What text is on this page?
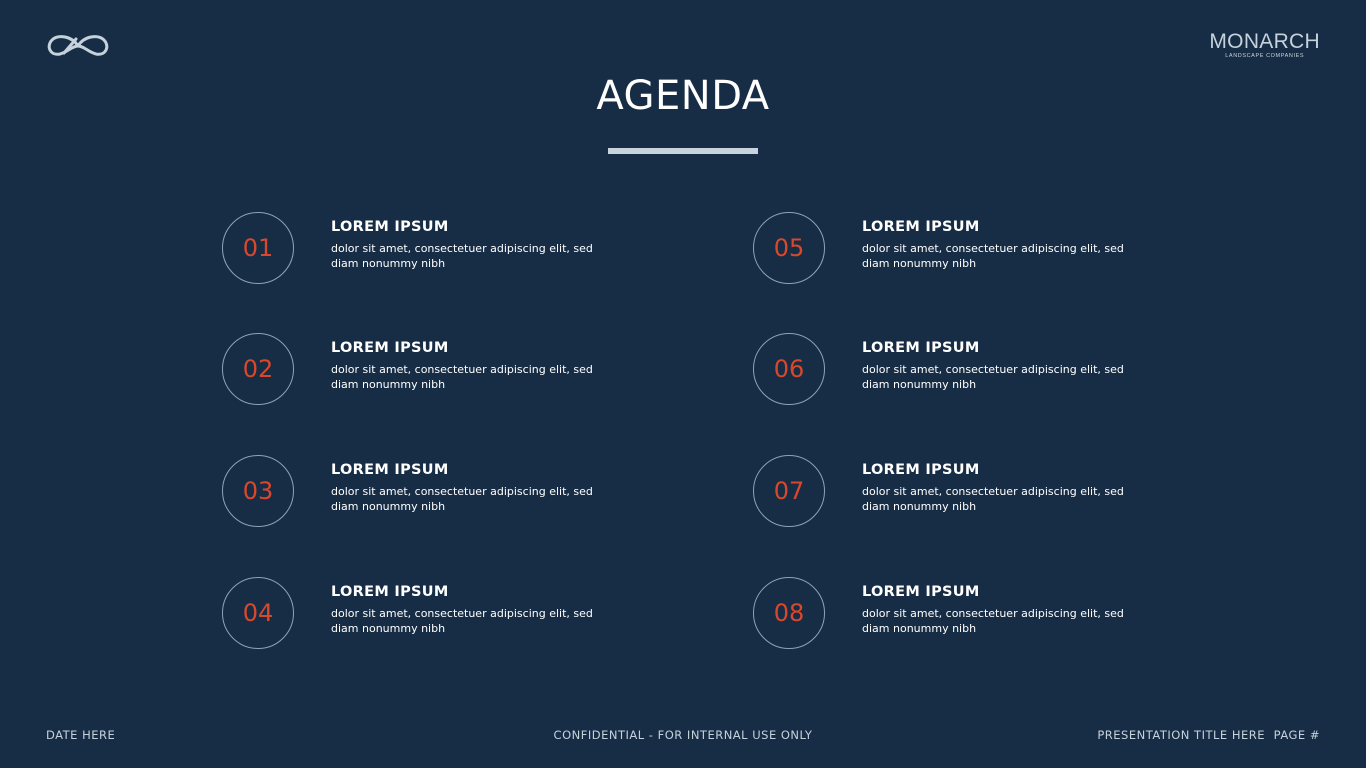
MONARCH
LANDSCAPE COMPANIES
AGENDA
01
LOREM IPSUM
dolor sit amet, consectetuer adipiscing elit, sed diam nonummy nibh
02
LOREM IPSUM
dolor sit amet, consectetuer adipiscing elit, sed diam nonummy nibh
03
LOREM IPSUM
dolor sit amet, consectetuer adipiscing elit, sed diam nonummy nibh
04
LOREM IPSUM
dolor sit amet, consectetuer adipiscing elit, sed diam nonummy nibh
05
LOREM IPSUM
dolor sit amet, consectetuer adipiscing elit, sed diam nonummy nibh
06
LOREM IPSUM
dolor sit amet, consectetuer adipiscing elit, sed diam nonummy nibh
07
LOREM IPSUM
dolor sit amet, consectetuer adipiscing elit, sed diam nonummy nibh
08
LOREM IPSUM
dolor sit amet, consectetuer adipiscing elit, sed diam nonummy nibh
DATE HERE	CONFIDENTIAL - FOR INTERNAL USE ONLY	PRESENTATION TITLE HERE PAGE #
